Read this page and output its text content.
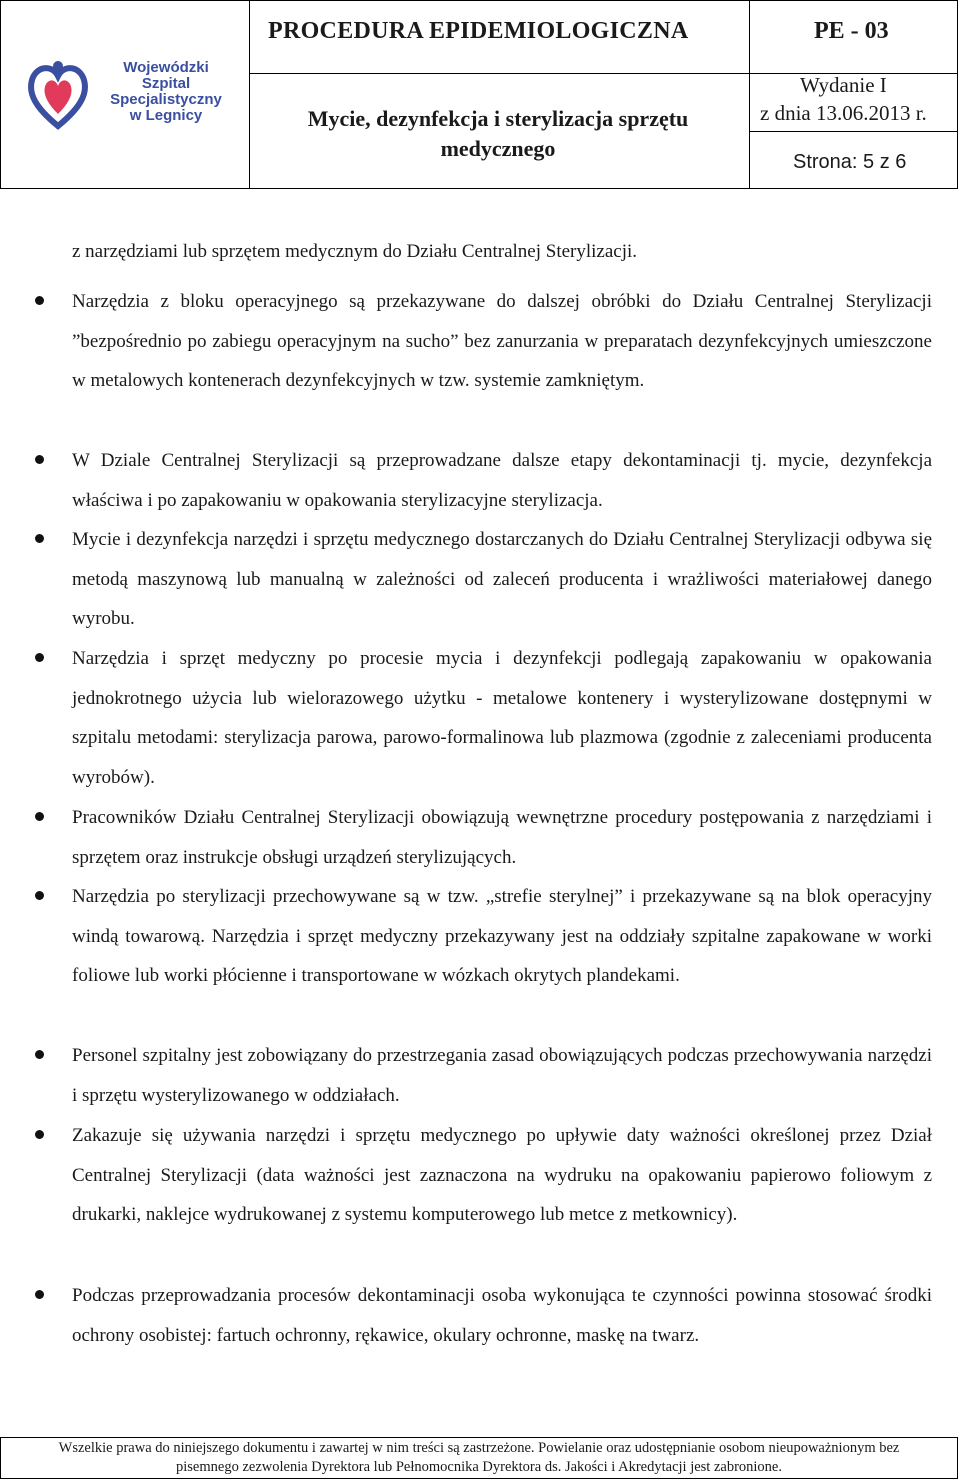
Wojewódzki
Szpital
Specjalistyczny
w Legnicy
PROCEDURA EPIDEMIOLOGICZNA	PE - 03
Mycie, dezynfekcja i sterylizacja sprzętu medycznego
Wydanie I
z dnia 13.06.2013 r.
Strona: 5 z 6
z narzędziami lub sprzętem medycznym do Działu Centralnej Sterylizacji.
Narzędzia z bloku operacyjnego są przekazywane do dalszej obróbki do Działu Centralnej Sterylizacji ”bezpośrednio po zabiegu operacyjnym na sucho” bez zanurzania w preparatach dezynfekcyjnych umieszczone w metalowych kontenerach dezynfekcyjnych w tzw. systemie zamkniętym.
W Dziale Centralnej Sterylizacji są przeprowadzane dalsze etapy dekontaminacji tj. mycie, dezynfekcja właściwa i po zapakowaniu w opakowania sterylizacyjne sterylizacja.
Mycie i dezynfekcja narzędzi i sprzętu medycznego dostarczanych do Działu Centralnej Sterylizacji odbywa się metodą maszynową lub manualną w zależności od zaleceń producenta i wrażliwości materiałowej danego wyrobu.
Narzędzia i sprzęt medyczny po procesie mycia i dezynfekcji podlegają zapakowaniu w opakowania jednokrotnego użycia lub wielorazowego użytku - metalowe kontenery i wysterylizowane dostępnymi w szpitalu metodami: sterylizacja parowa, parowo-formalinowa lub plazmowa (zgodnie z zaleceniami producenta wyrobów).
Pracowników Działu Centralnej Sterylizacji obowiązują wewnętrzne procedury postępowania z narzędziami i sprzętem oraz instrukcje obsługi urządzeń sterylizujących.
Narzędzia po sterylizacji przechowywane są w tzw. „strefie sterylnej” i przekazywane są na blok operacyjny windą towarową. Narzędzia i sprzęt medyczny przekazywany jest na oddziały szpitalne zapakowane w worki foliowe lub worki płócienne i transportowane w wózkach okrytych plandekami.
Personel szpitalny jest zobowiązany do przestrzegania zasad obowiązujących podczas przechowywania narzędzi i sprzętu wysterylizowanego w oddziałach.
Zakazuje się używania narzędzi i sprzętu medycznego po upływie daty ważności określonej przez Dział Centralnej Sterylizacji (data ważności jest zaznaczona na wydruku na opakowaniu papierowo foliowym z drukarki, naklejce wydrukowanej z systemu komputerowego lub metce z metkownicy).
Podczas przeprowadzania procesów dekontaminacji osoba wykonująca te czynności powinna stosować środki ochrony osobistej: fartuch ochronny, rękawice, okulary ochronne, maskę na twarz.
Wszelkie prawa do niniejszego dokumentu i zawartej w nim treści są zastrzeżone. Powielanie oraz udostępnianie osobom nieupoważnionym bez
pisemnego zezwolenia Dyrektora lub Pełnomocnika Dyrektora ds. Jakości i Akredytacji jest zabronione.
